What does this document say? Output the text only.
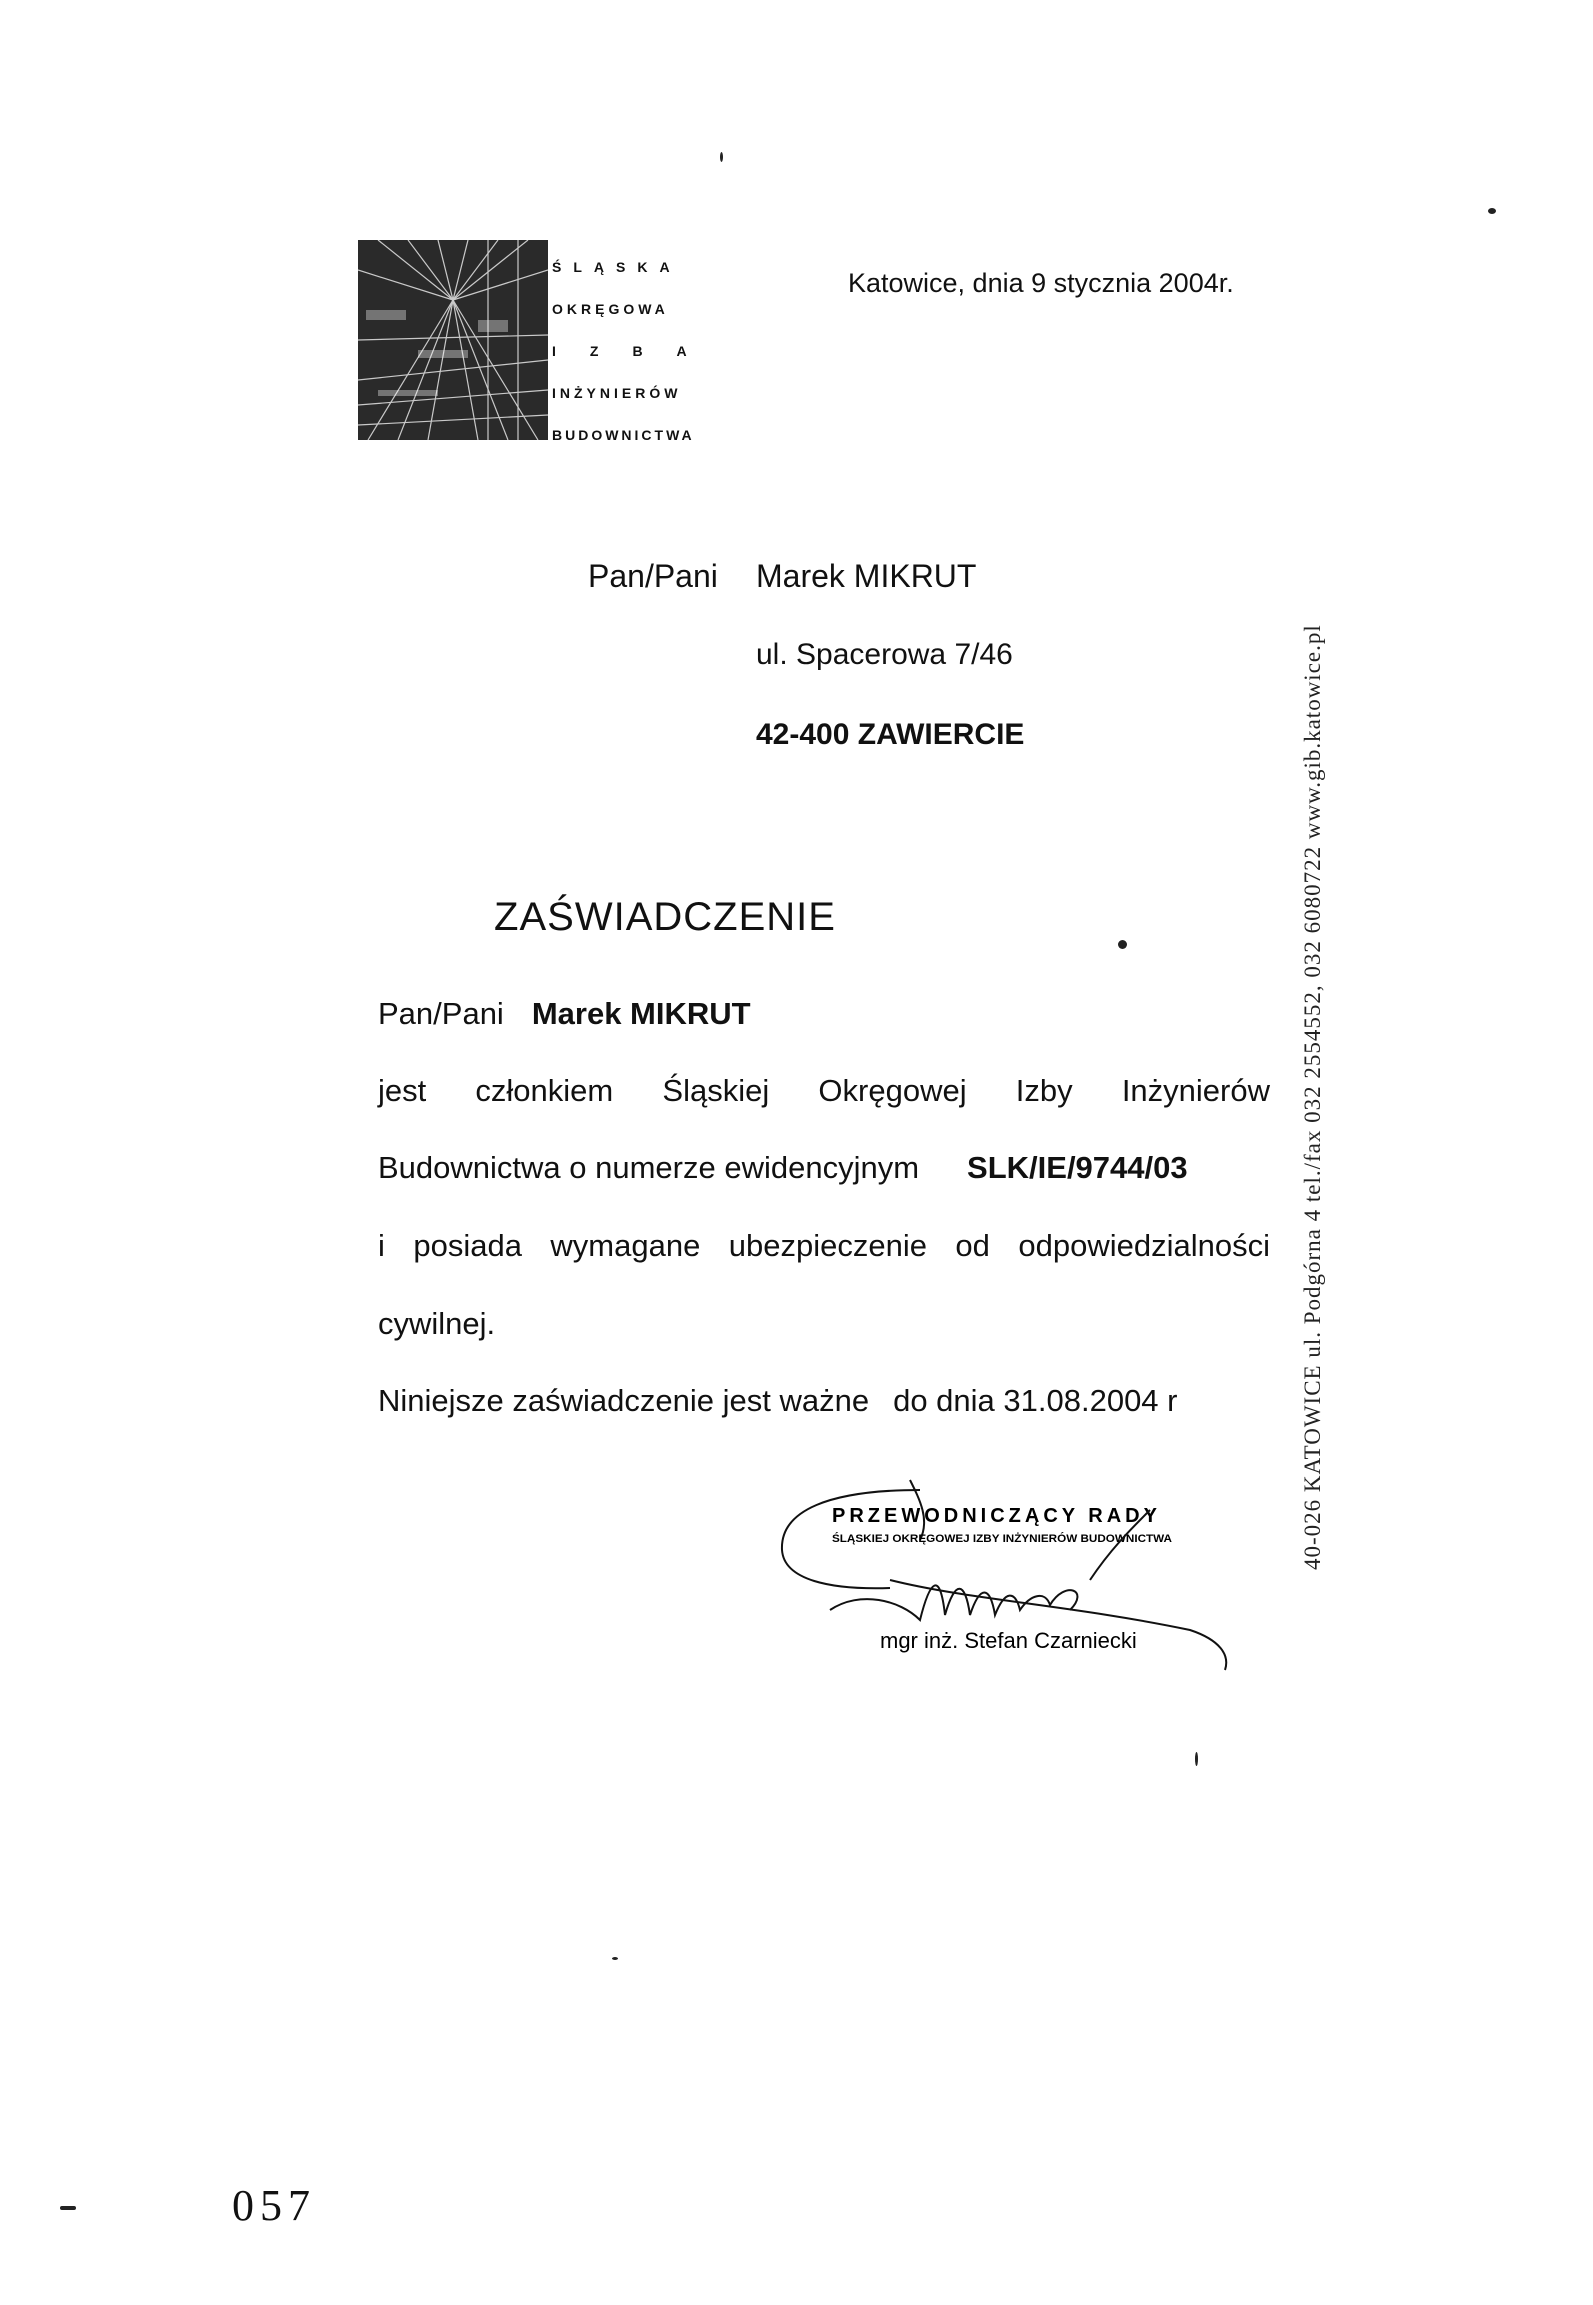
ŚLĄSKA
OKRĘGOWA
IZBA
INŻYNIERÓW
BUDOWNICTWA
Katowice, dnia 9 stycznia 2004r.
Pan/Pani Marek MIKRUT
ul. Spacerowa 7/46
42-400 ZAWIERCIE
ZAŚWIADCZENIE
Pan/Pani Marek MIKRUT
jest członkiem Śląskiej Okręgowej Izby Inżynierów
Budownictwa o numerze ewidencyjnym SLK/IE/9744/03
i posiada wymagane ubezpieczenie od odpowiedzialności
cywilnej.
Niniejsze zaświadczenie jest ważne do dnia 31.08.2004 r
PRZEWODNICZĄCY RADY
ŚLĄSKIEJ OKRĘGOWEJ IZBY INŻYNIERÓW BUDOWNICTWA
mgr inż. Stefan Czarniecki
40-026 KATOWICE ul. Podgórna 4 tel./fax 032 2554552, 032 6080722 www.gib.katowice.pl
057
